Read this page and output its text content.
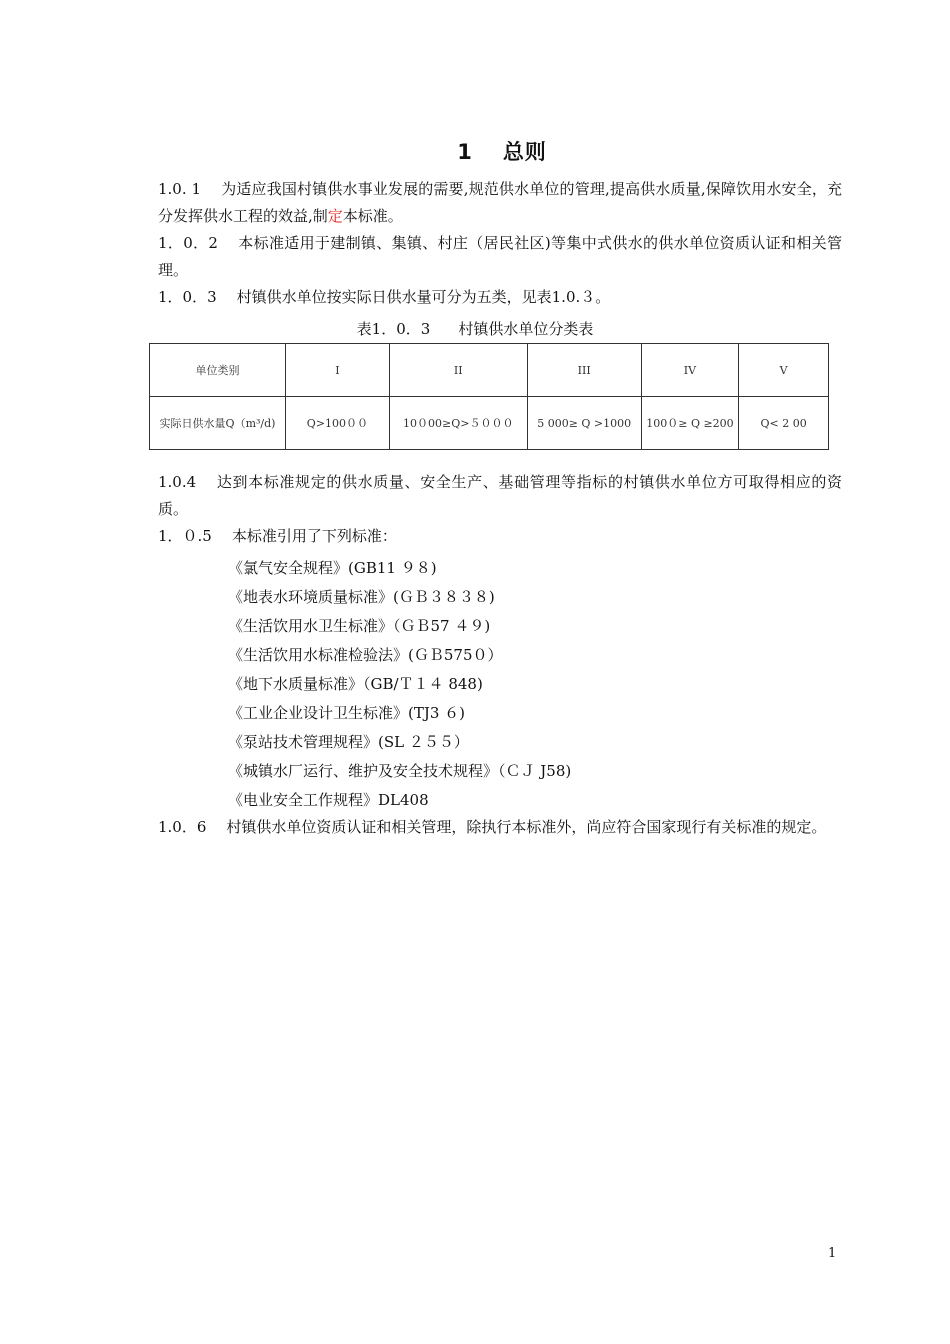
1 总则
1.0. 1 为适应我国村镇供水事业发展的需要,规范供水单位的管理,提高供水质量,保障饮用水安全，充分发挥供水工程的效益,制定本标准。
1．0．2 本标准适用于建制镇、集镇、村庄（居民社区)等集中式供水的供水单位资质认证和相关管理。
1．0．3 村镇供水单位按实际日供水量可分为五类，见表1.0.３。
表1．0．3 村镇供水单位分类表
单位类别	I	II	III	IV	V
实际日供水量Q（m³/d)	Q>100００	10０00≥Q>５０００	5 000≥ Q >1000	100０≥ Q ≥200	Q< 2 00
1.0.4 达到本标准规定的供水质量、安全生产、基础管理等指标的村镇供水单位方可取得相应的资质。
1．０.5 本标准引用了下列标准：
《氯气安全规程》(GB11 ９８)
《地表水环境质量标准》(ＧＢ３８３８)
《生活饮用水卫生标准》（ＧＢ57 ４９)
《生活饮用水标准检验法》(ＧＢ575０）
《地下水质量标准》（GB/Ｔ１４ 848)
《工业企业设计卫生标准》(TJ3 ６)
《泵站技术管理规程》(SL ２５５）
《城镇水厂运行、维护及安全技术规程》（ＣＪ J58)
《电业安全工作规程》DL408
1.0．6 村镇供水单位资质认证和相关管理，除执行本标准外，尚应符合国家现行有关标准的规定。
1
